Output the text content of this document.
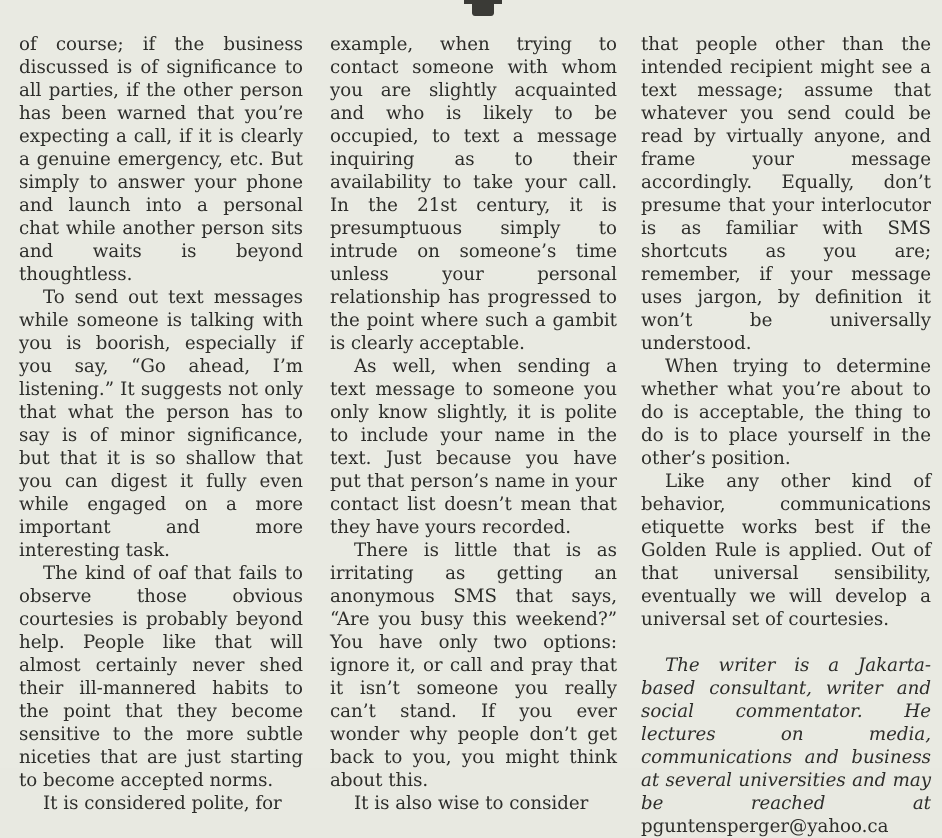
of course; if the business discussed is of significance to all parties, if the other person has been warned that you’re expecting a call, if it is clearly a genuine emergency, etc. But simply to answer your phone and launch into a personal chat while another person sits and waits is beyond thoughtless.

To send out text messages while someone is talking with you is boorish, especially if you say, “Go ahead, I’m listening.” It suggests not only that what the person has to say is of minor significance, but that it is so shallow that you can digest it fully even while engaged on a more important and more interesting task.

The kind of oaf that fails to observe those obvious courtesies is probably beyond help. People like that will almost certainly never shed their ill-mannered habits to the point that they become sensitive to the more subtle niceties that are just starting to become accepted norms.

It is considered polite, for

example, when trying to contact someone with whom you are slightly acquainted and who is likely to be occupied, to text a message inquiring as to their availability to take your call. In the 21st century, it is presumptuous simply to intrude on someone’s time unless your personal relationship has progressed to the point where such a gambit is clearly acceptable.

As well, when sending a text message to someone you only know slightly, it is polite to include your name in the text. Just because you have put that person’s name in your contact list doesn’t mean that they have yours recorded.

There is little that is as irritating as getting an anonymous SMS that says, “Are you busy this weekend?” You have only two options: ignore it, or call and pray that it isn’t someone you really can’t stand. If you ever wonder why people don’t get back to you, you might think about this.

It is also wise to consider

that people other than the intended recipient might see a text message; assume that whatever you send could be read by virtually anyone, and frame your message accordingly. Equally, don’t presume that your interlocutor is as familiar with SMS shortcuts as you are; remember, if your message uses jargon, by definition it won’t be universally understood.

When trying to determine whether what you’re about to do is acceptable, the thing to do is to place yourself in the other’s position.

Like any other kind of behavior, communications etiquette works best if the Golden Rule is applied. Out of that universal sensibility, eventually we will develop a universal set of courtesies.

The writer is a Jakarta-based consultant, writer and social commentator. He lectures on media, communications and business at several universities and may be reached at pguntensperger@yahoo.ca
